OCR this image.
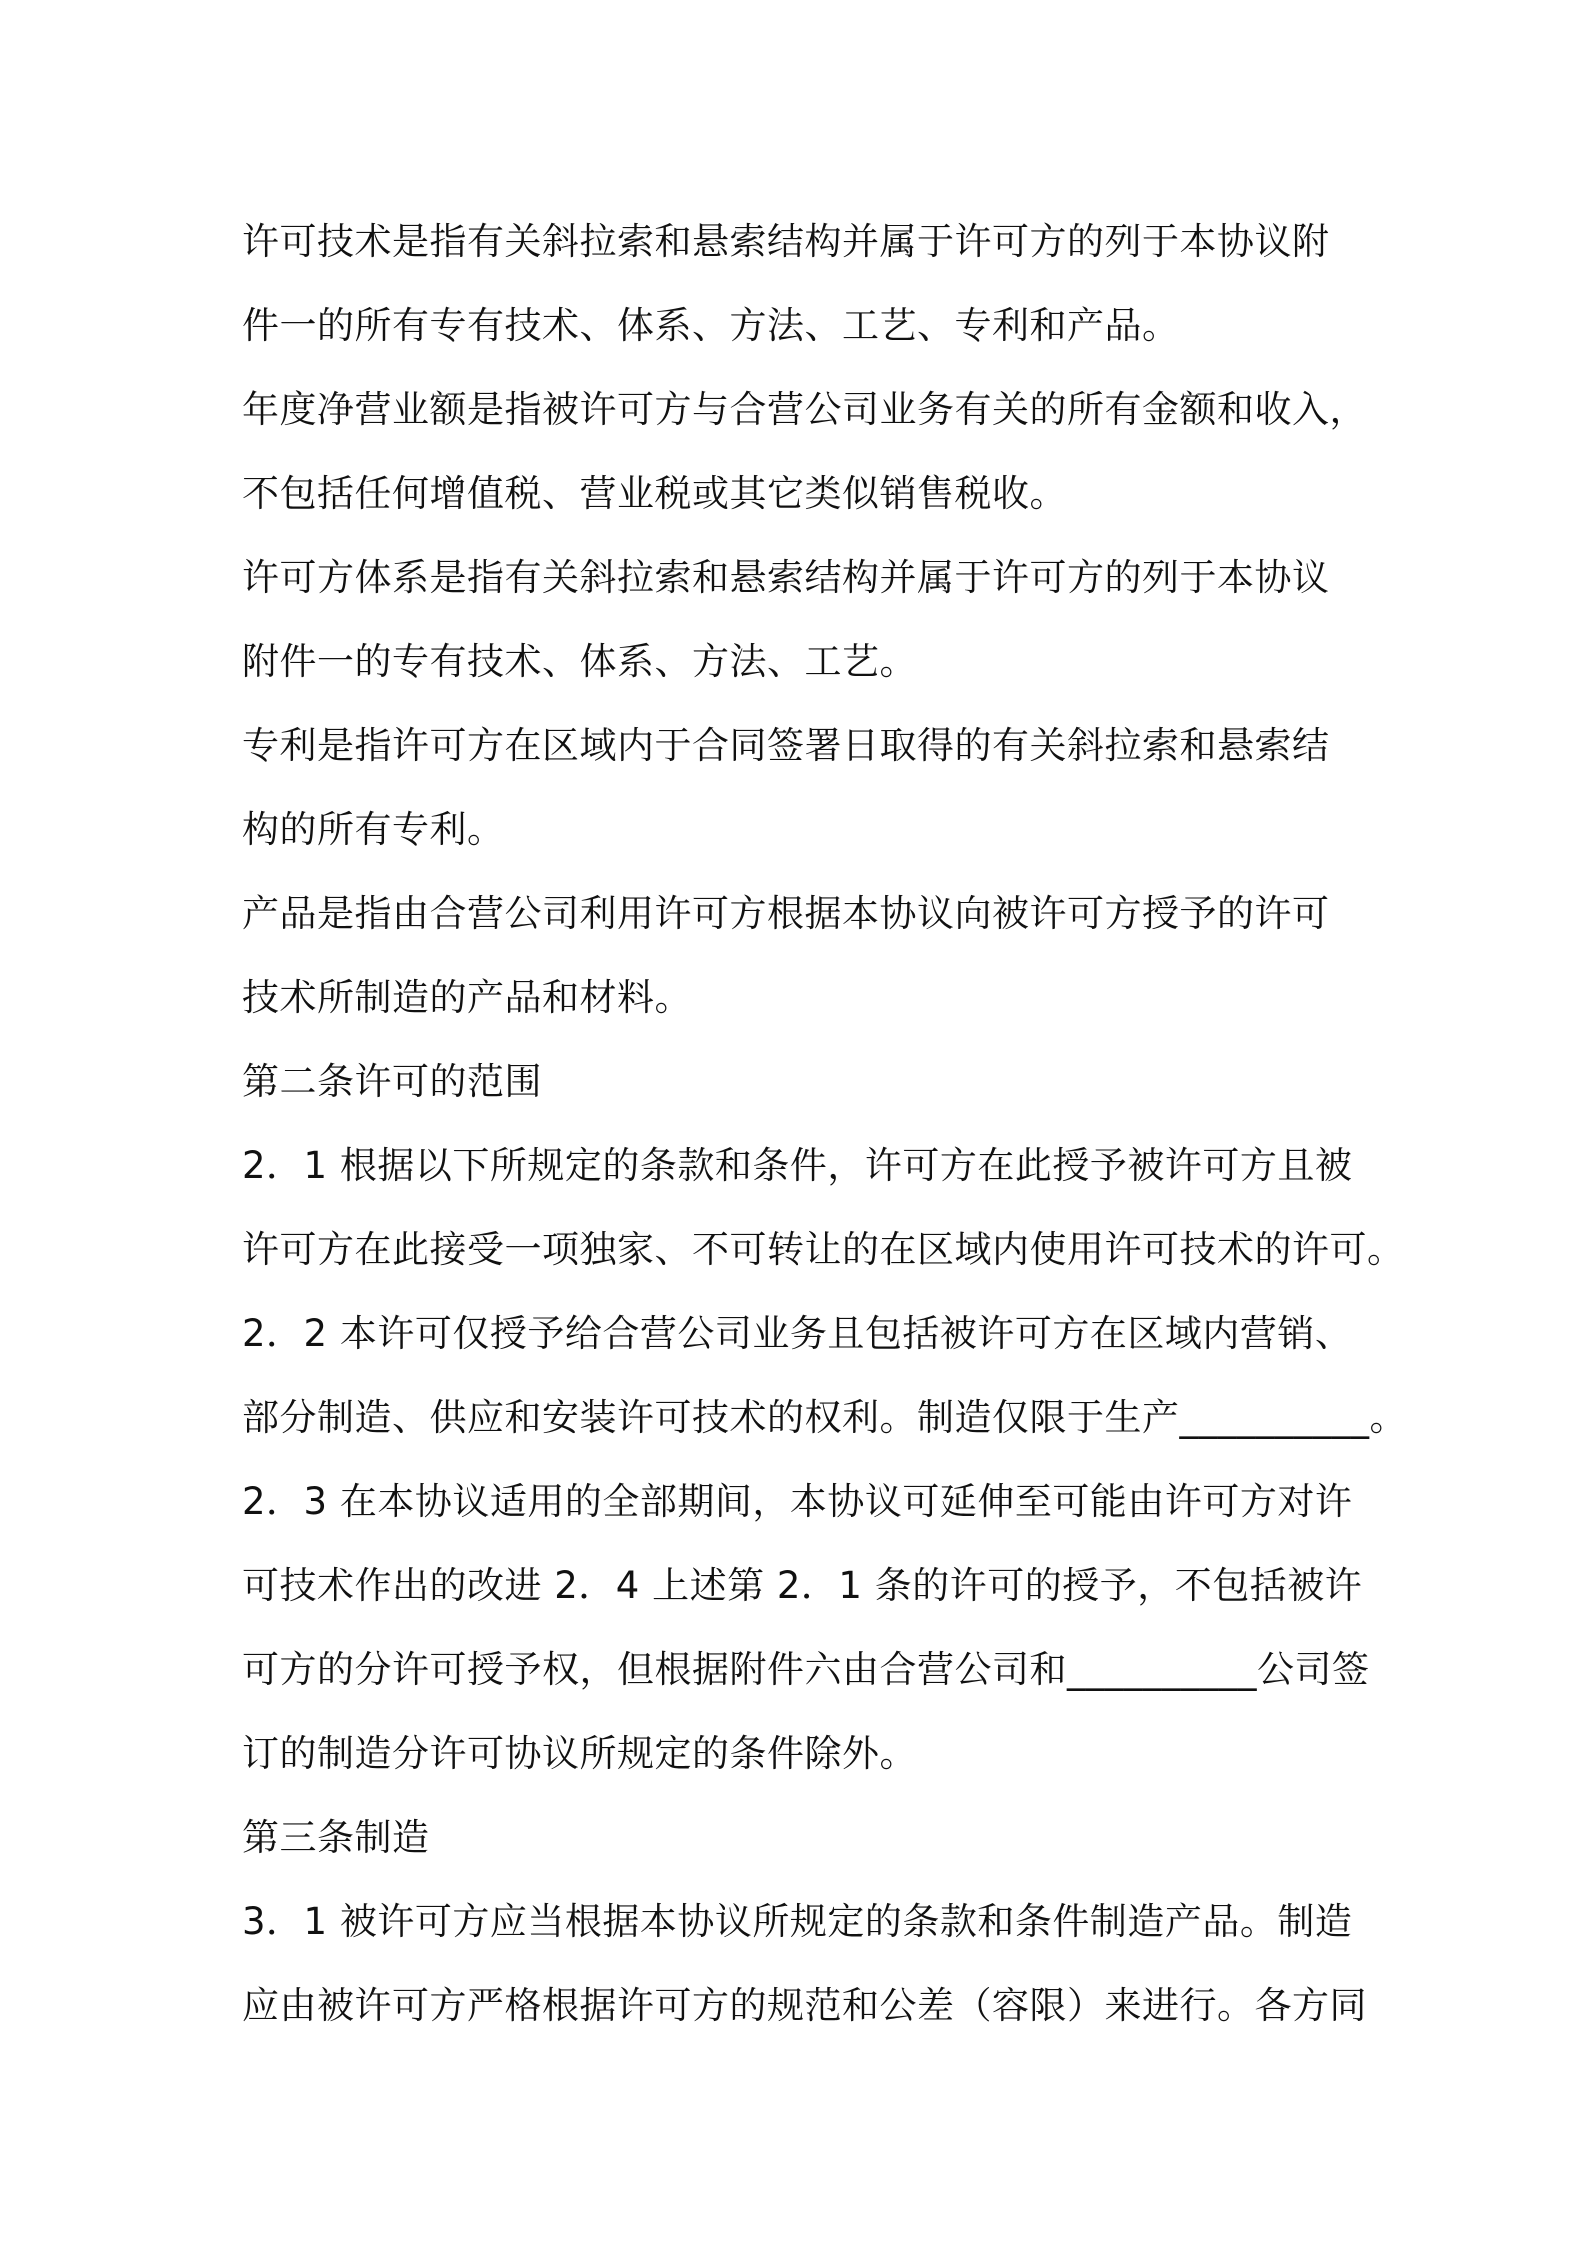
许可技术是指有关斜拉索和悬索结构并属于许可方的列于本协议附
件一的所有专有技术、体系、方法、工艺、专利和产品。
年度净营业额是指被许可方与合营公司业务有关的所有金额和收入，
不包括任何增值税、营业税或其它类似销售税收。
许可方体系是指有关斜拉索和悬索结构并属于许可方的列于本协议
附件一的专有技术、体系、方法、工艺。
专利是指许可方在区域内于合同签署日取得的有关斜拉索和悬索结
构的所有专利。
产品是指由合营公司利用许可方根据本协议向被许可方授予的许可
技术所制造的产品和材料。
第二条许可的范围
2．1 根据以下所规定的条款和条件，许可方在此授予被许可方且被
许可方在此接受一项独家、不可转让的在区域内使用许可技术的许可。
2．2 本许可仅授予给合营公司业务且包括被许可方在区域内营销、
部分制造、供应和安装许可技术的权利。制造仅限于生产__________。
2．3 在本协议适用的全部期间，本协议可延伸至可能由许可方对许
可技术作出的改进 2．4 上述第 2．1 条的许可的授予，不包括被许
可方的分许可授予权，但根据附件六由合营公司和__________公司签
订的制造分许可协议所规定的条件除外。
第三条制造
3．1 被许可方应当根据本协议所规定的条款和条件制造产品。制造
应由被许可方严格根据许可方的规范和公差（容限）来进行。各方同
